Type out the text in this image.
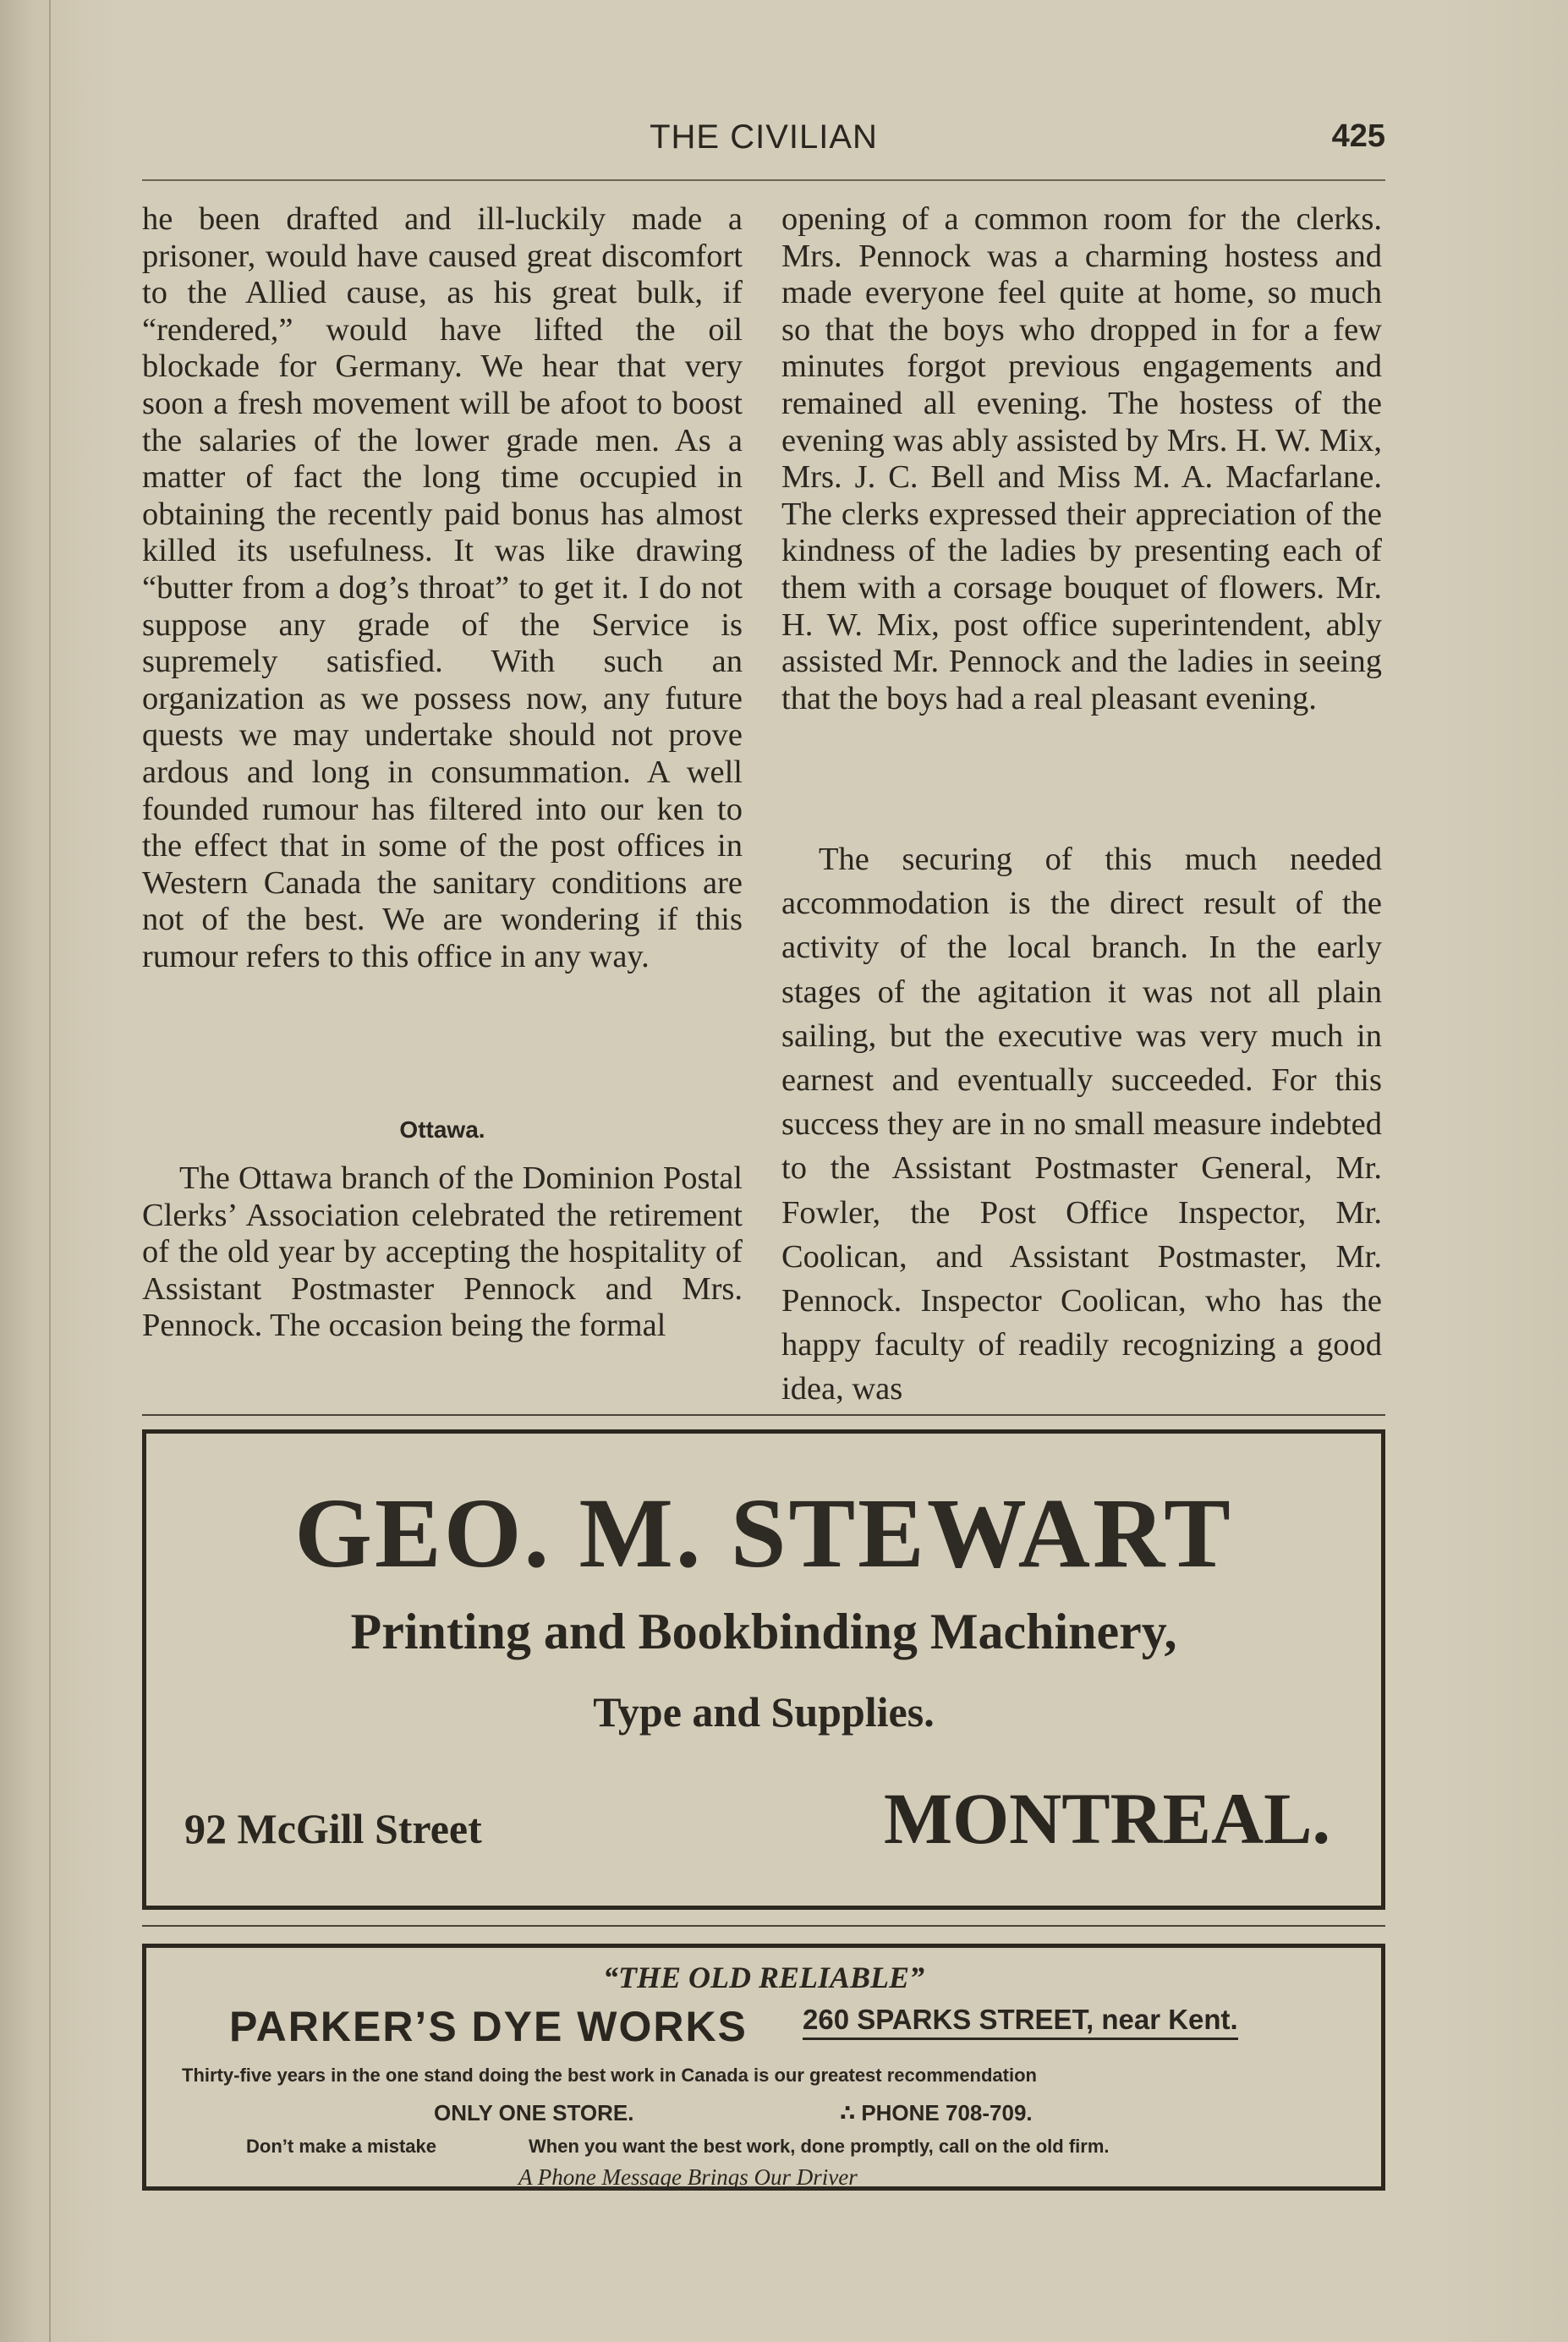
THE CIVILIAN	425

he been drafted and ill-luckily made a prisoner, would have caused great discomfort to the Allied cause, as his great bulk, if “rendered,” would have lifted the oil blockade for Germany. We hear that very soon a fresh movement will be afoot to boost the salaries of the lower grade men. As a matter of fact the long time occupied in obtaining the recently paid bonus has almost killed its usefulness. It was like drawing “butter from a dog’s throat” to get it. I do not suppose any grade of the Service is supremely satisfied. With such an organization as we possess now, any future quests we may undertake should not prove ardous and long in consummation. A well founded rumour has filtered into our ken to the effect that in some of the post offices in Western Canada the sanitary conditions are not of the best. We are wondering if this rumour refers to this office in any way.

Ottawa.

The Ottawa branch of the Dominion Postal Clerks’ Association celebrated the retirement of the old year by accepting the hospitality of Assistant Postmaster Pennock and Mrs. Pennock. The occasion being the formal

opening of a common room for the clerks. Mrs. Pennock was a charming hostess and made everyone feel quite at home, so much so that the boys who dropped in for a few minutes forgot previous engagements and remained all evening. The hostess of the evening was ably assisted by Mrs. H. W. Mix, Mrs. J. C. Bell and Miss M. A. Macfarlane. The clerks expressed their appreciation of the kindness of the ladies by presenting each of them with a corsage bouquet of flowers. Mr. H. W. Mix, post office superintendent, ably assisted Mr. Pennock and the ladies in seeing that the boys had a real pleasant evening.

The securing of this much needed accommodation is the direct result of the activity of the local branch. In the early stages of the agitation it was not all plain sailing, but the executive was very much in earnest and eventually succeeded. For this success they are in no small measure indebted to the Assistant Postmaster General, Mr. Fowler, the Post Office Inspector, Mr. Coolican, and Assistant Postmaster, Mr. Pennock. Inspector Coolican, who has the happy faculty of readily recognizing a good idea, was

GEO. M. STEWART
Printing and Bookbinding Machinery,
Type and Supplies.
92 McGill Street	MONTREAL.
“THE OLD RELIABLE”
PARKER’S DYE WORKS 260 SPARKS STREET, near Kent.
Thirty-five years in the one stand doing the best work in Canada is our greatest recommendation
ONLY ONE STORE.	∴ PHONE 708-709.
Don’t make a mistake	When you want the best work, done promptly, call on the old firm.
A Phone Message Brings Our Driver
